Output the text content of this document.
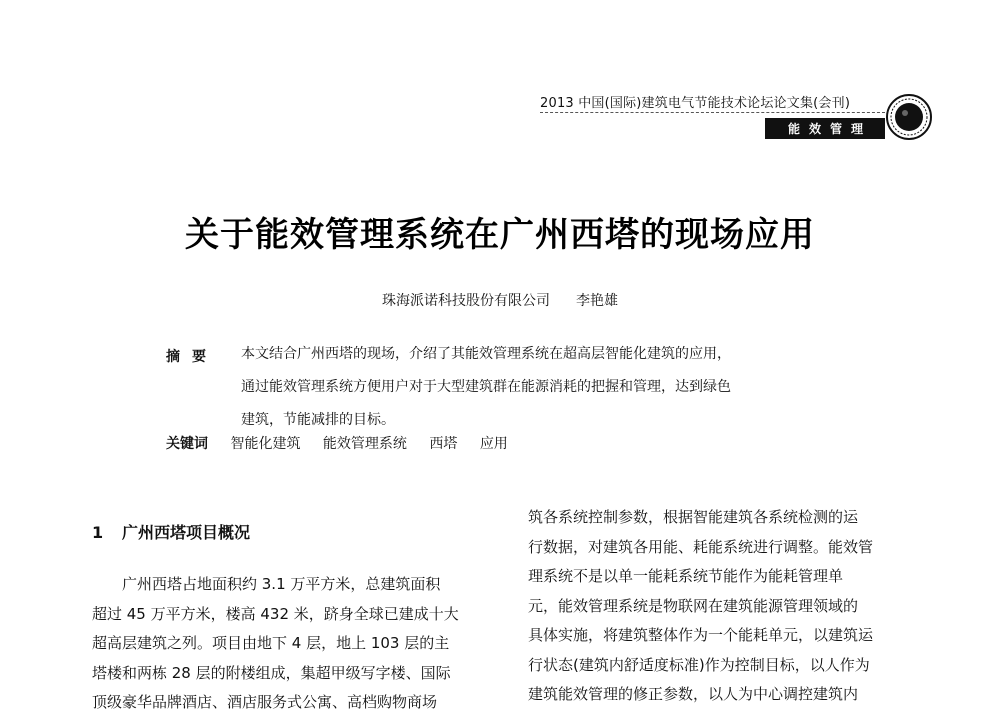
2013 中国(国际)建筑电气节能技术论坛论文集(会刊)
能效管理
关于能效管理系统在广州西塔的现场应用
珠海派诺科技股份有限公司 李艳雄
摘要 本文结合广州西塔的现场，介绍了其能效管理系统在超高层智能化建筑的应用，
通过能效管理系统方便用户对于大型建筑群在能源消耗的把握和管理，达到绿色
建筑，节能减排的目标。
关键词 智能化建筑 能效管理系统 西塔 应用
1 广州西塔项目概况
广州西塔占地面积约 3.1 万平方米，总建筑面积
超过 45 万平方米，楼高 432 米，跻身全球已建成十大
超高层建筑之列。项目由地下 4 层，地上 103 层的主
塔楼和两栋 28 层的附楼组成，集超甲级写字楼、国际
顶级豪华品牌酒店、酒店服务式公寓、高档购物商场
筑各系统控制参数，根据智能建筑各系统检测的运
行数据，对建筑各用能、耗能系统进行调整。能效管
理系统不是以单一能耗系统节能作为能耗管理单
元，能效管理系统是物联网在建筑能源管理领域的
具体实施，将建筑整体作为一个能耗单元，以建筑运
行状态(建筑内舒适度标准)作为控制目标，以人作为
建筑能效管理的修正参数，以人为中心调控建筑内
